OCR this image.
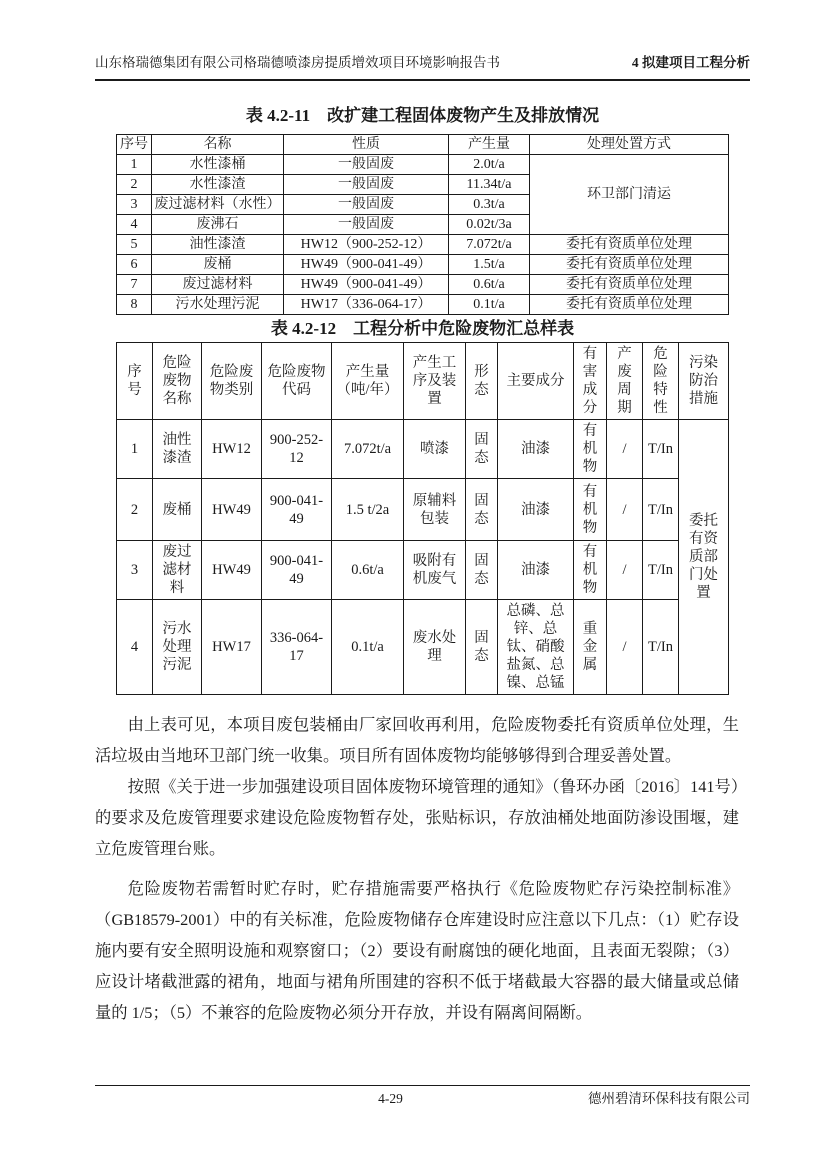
山东格瑞德集团有限公司格瑞德喷漆房提质增效项目环境影响报告书	4 拟建项目工程分析
表 4.2-11　改扩建工程固体废物产生及排放情况
序号	名称	性质	产生量	处理处置方式
1	水性漆桶	一般固废	2.0t/a	环卫部门清运
2	水性漆渣	一般固废	11.34t/a	
3	废过滤材料（水性）	一般固废	0.3t/a	
4	废沸石	一般固废	0.02t/3a	
5	油性漆渣	HW12（900-252-12）	7.072t/a	委托有资质单位处理
6	废桶	HW49（900-041-49）	1.5t/a	委托有资质单位处理
7	废过滤材料	HW49（900-041-49）	0.6t/a	委托有资质单位处理
8	污水处理污泥	HW17（336-064-17）	0.1t/a	委托有资质单位处理
表 4.2-12　工程分析中危险废物汇总样表
序号	危险废物名称	危险废物类别	危险废物代码	产生量（吨/年）	产生工序及装置	形态	主要成分	有害成分	产废周期	危险特性	污染防治措施
1	油性漆渣	HW12	900-252-12	7.072t/a	喷漆	固态	油漆	有机物	/	T/In	委托有资质部门处置
2	废桶	HW49	900-041-49	1.5 t/2a	原辅料包装	固态	油漆	有机物	/	T/In	
3	废过滤材料	HW49	900-041-49	0.6t/a	吸附有机废气	固态	油漆	有机物	/	T/In	
4	污水处理污泥	HW17	336-064-17	0.1t/a	废水处理	固态	总磷、总锌、总钛、硝酸盐氮、总镍、总锰	重金属	/	T/In	

由上表可见，本项目废包装桶由厂家回收再利用，危险废物委托有资质单位处理，生活垃圾由当地环卫部门统一收集。项目所有固体废物均能够够得到合理妥善处置。

按照《关于进一步加强建设项目固体废物环境管理的通知》（鲁环办函〔2016〕141号）的要求及危废管理要求建设危险废物暂存处，张贴标识，存放油桶处地面防渗设围堰，建立危废管理台账。

危险废物若需暂时贮存时，贮存措施需要严格执行《危险废物贮存污染控制标准》（GB18579-2001）中的有关标准，危险废物储存仓库建设时应注意以下几点：（1）贮存设施内要有安全照明设施和观察窗口；（2）要设有耐腐蚀的硬化地面，且表面无裂隙；（3）应设计堵截泄露的裙角，地面与裙角所围建的容积不低于堵截最大容器的最大储量或总储量的 1/5；（5）不兼容的危险废物必须分开存放，并设有隔离间隔断。

4-29	德州碧清环保科技有限公司
